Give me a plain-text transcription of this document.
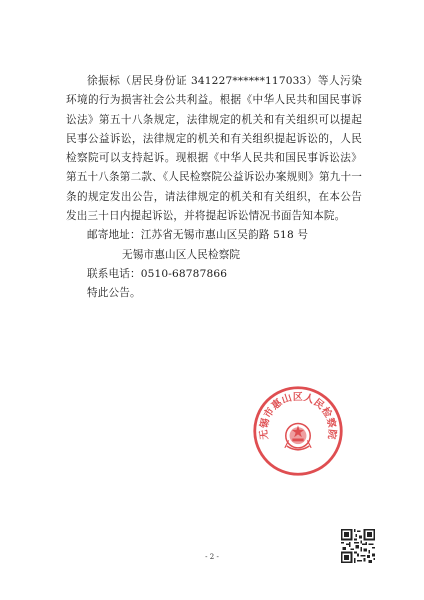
徐振标（居民身份证 341227******117033）等人污染环境的行为损害社会公共利益。根据《中华人民共和国民事诉讼法》第五十八条规定，法律规定的机关和有关组织可以提起民事公益诉讼，法律规定的机关和有关组织提起诉讼的，人民检察院可以支持起诉。现根据《中华人民共和国民事诉讼法》第五十八条第二款、《人民检察院公益诉讼办案规则》第九十一条的规定发出公告，请法律规定的机关和有关组织，在本公告发出三十日内提起诉讼，并将提起诉讼情况书面告知本院。

邮寄地址：江苏省无锡市惠山区吴韵路 518 号

无锡市惠山区人民检察院

联系电话：0510-68787866

特此公告。

无锡市惠山区人民检察院
- 2 -
